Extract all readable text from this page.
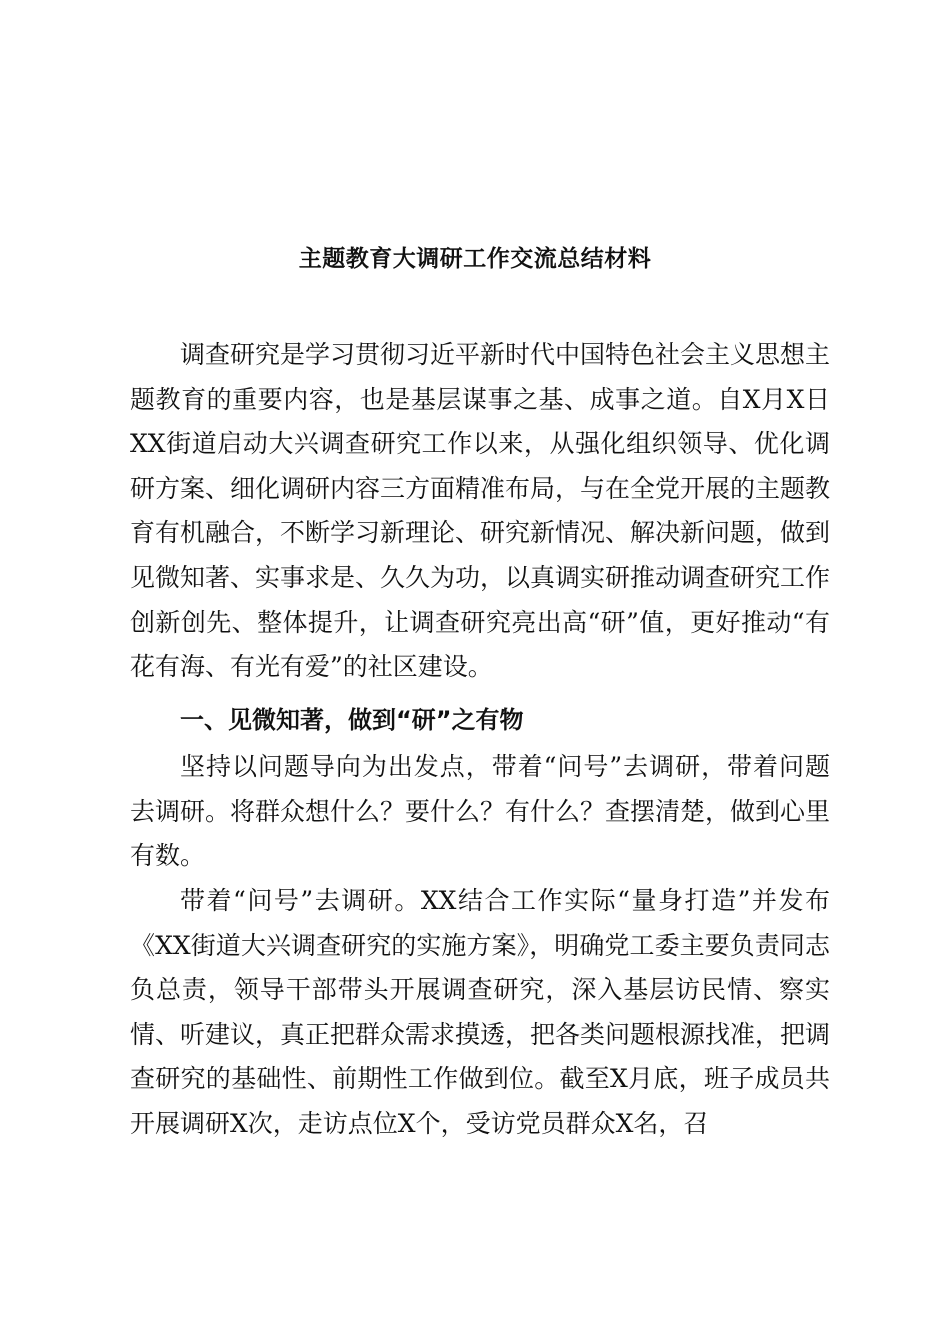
主题教育大调研工作交流总结材料

调查研究是学习贯彻习近平新时代中国特色社会主义思想主题教育的重要内容，也是基层谋事之基、成事之道。自X月X日XX街道启动大兴调查研究工作以来，从强化组织领导、优化调研方案、细化调研内容三方面精准布局，与在全党开展的主题教育有机融合，不断学习新理论、研究新情况、解决新问题，做到见微知著、实事求是、久久为功，以真调实研推动调查研究工作创新创先、整体提升，让调查研究亮出高“研”值，更好推动“有花有海、有光有爱”的社区建设。

一、见微知著，做到“研”之有物

坚持以问题导向为出发点，带着“问号”去调研，带着问题去调研。将群众想什么？要什么？有什么？查摆清楚，做到心里有数。

带着“问号”去调研。XX结合工作实际“量身打造”并发布《XX街道大兴调查研究的实施方案》，明确党工委主要负责同志负总责，领导干部带头开展调查研究，深入基层访民情、察实情、听建议，真正把群众需求摸透，把各类问题根源找准，把调查研究的基础性、前期性工作做到位。截至X月底，班子成员共开展调研X次，走访点位X个，受访党员群众X名，召
